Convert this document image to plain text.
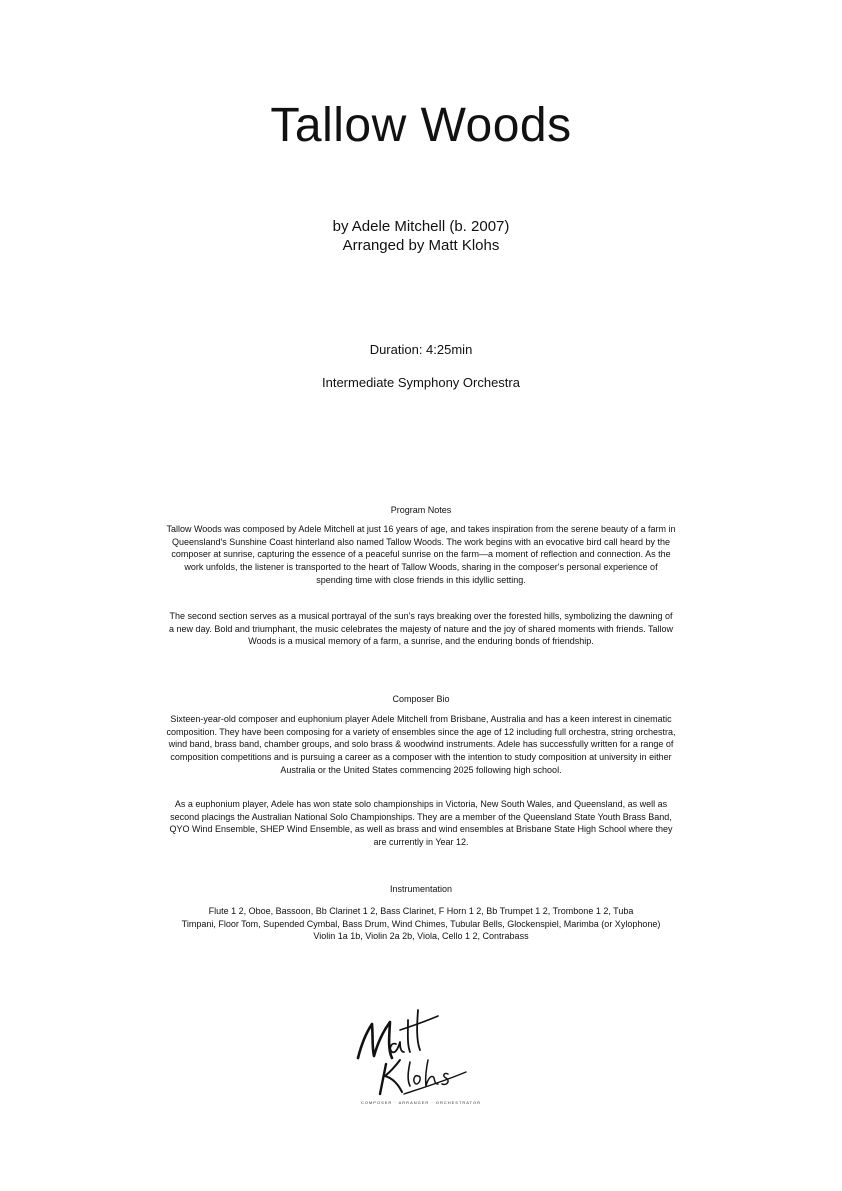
Tallow Woods
by Adele Mitchell (b. 2007)
Arranged by Matt Klohs
Duration: 4:25min
Intermediate Symphony Orchestra
Program Notes

Tallow Woods was composed by Adele Mitchell at just 16 years of age, and takes inspiration from the serene beauty of a farm in Queensland's Sunshine Coast hinterland also named Tallow Woods. The work begins with an evocative bird call heard by the composer at sunrise, capturing the essence of a peaceful sunrise on the farm—a moment of reflection and connection. As the work unfolds, the listener is transported to the heart of Tallow Woods, sharing in the composer's personal experience of spending time with close friends in this idyllic setting.

The second section serves as a musical portrayal of the sun's rays breaking over the forested hills, symbolizing the dawning of a new day. Bold and triumphant, the music celebrates the majesty of nature and the joy of shared moments with friends. Tallow Woods is a musical memory of a farm, a sunrise, and the enduring bonds of friendship.

Composer Bio

Sixteen-year-old composer and euphonium player Adele Mitchell from Brisbane, Australia and has a keen interest in cinematic composition. They have been composing for a variety of ensembles since the age of 12 including full orchestra, string orchestra, wind band, brass band, chamber groups, and solo brass & woodwind instruments. Adele has successfully written for a range of composition competitions and is pursuing a career as a composer with the intention to study composition at university in either Australia or the United States commencing 2025 following high school.

As a euphonium player, Adele has won state solo championships in Victoria, New South Wales, and Queensland, as well as second placings the Australian National Solo Championships. They are a member of the Queensland State Youth Brass Band, QYO Wind Ensemble, SHEP Wind Ensemble, as well as brass and wind ensembles at Brisbane State High School where they are currently in Year 12.

Instrumentation
Flute 1 2, Oboe, Bassoon, Bb Clarinet 1 2, Bass Clarinet, F Horn 1 2, Bb Trumpet 1 2, Trombone 1 2, Tuba
Timpani, Floor Tom, Supended Cymbal, Bass Drum, Wind Chimes, Tubular Bells, Glockenspiel, Marimba (or Xylophone)
Violin 1a 1b, Violin 2a 2b, Viola, Cello 1 2, Contrabass
COMPOSER · ARRANGER · ORCHESTRATOR
